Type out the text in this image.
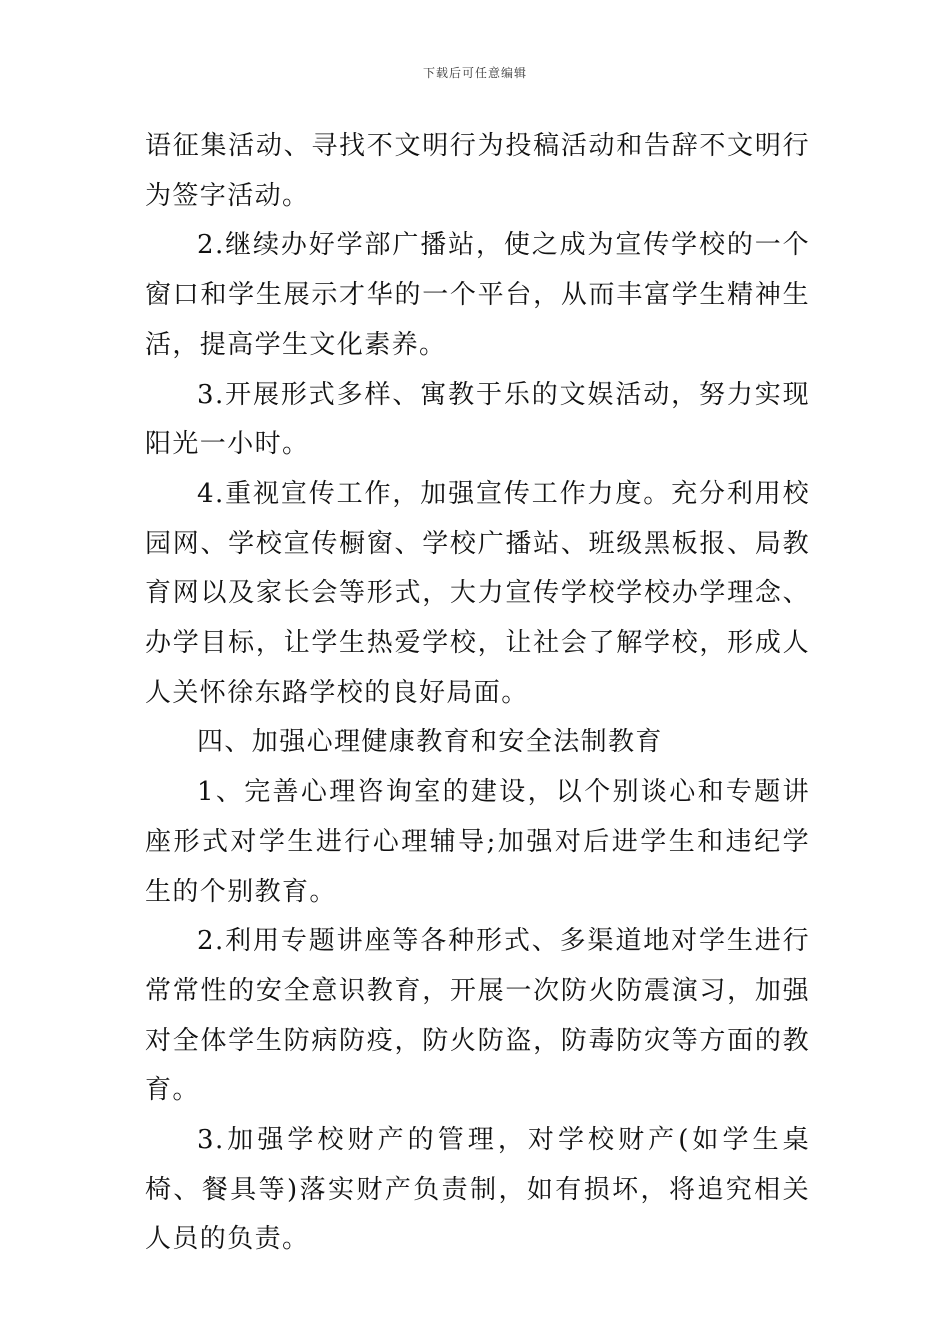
下载后可任意编辑

语征集活动、寻找不文明行为投稿活动和告辞不文明行为签字活动。

2.继续办好学部广播站，使之成为宣传学校的一个窗口和学生展示才华的一个平台，从而丰富学生精神生活，提高学生文化素养。

3.开展形式多样、寓教于乐的文娱活动，努力实现阳光一小时。

4.重视宣传工作，加强宣传工作力度。充分利用校园网、学校宣传橱窗、学校广播站、班级黑板报、局教育网以及家长会等形式，大力宣传学校学校办学理念、办学目标，让学生热爱学校，让社会了解学校，形成人人关怀徐东路学校的良好局面。

四、加强心理健康教育和安全法制教育

1、完善心理咨询室的建设，以个别谈心和专题讲座形式对学生进行心理辅导;加强对后进学生和违纪学生的个别教育。

2.利用专题讲座等各种形式、多渠道地对学生进行常常性的安全意识教育，开展一次防火防震演习，加强对全体学生防病防疫，防火防盗，防毒防灾等方面的教育。

3.加强学校财产的管理，对学校财产(如学生桌椅、餐具等)落实财产负责制，如有损坏，将追究相关人员的负责。
